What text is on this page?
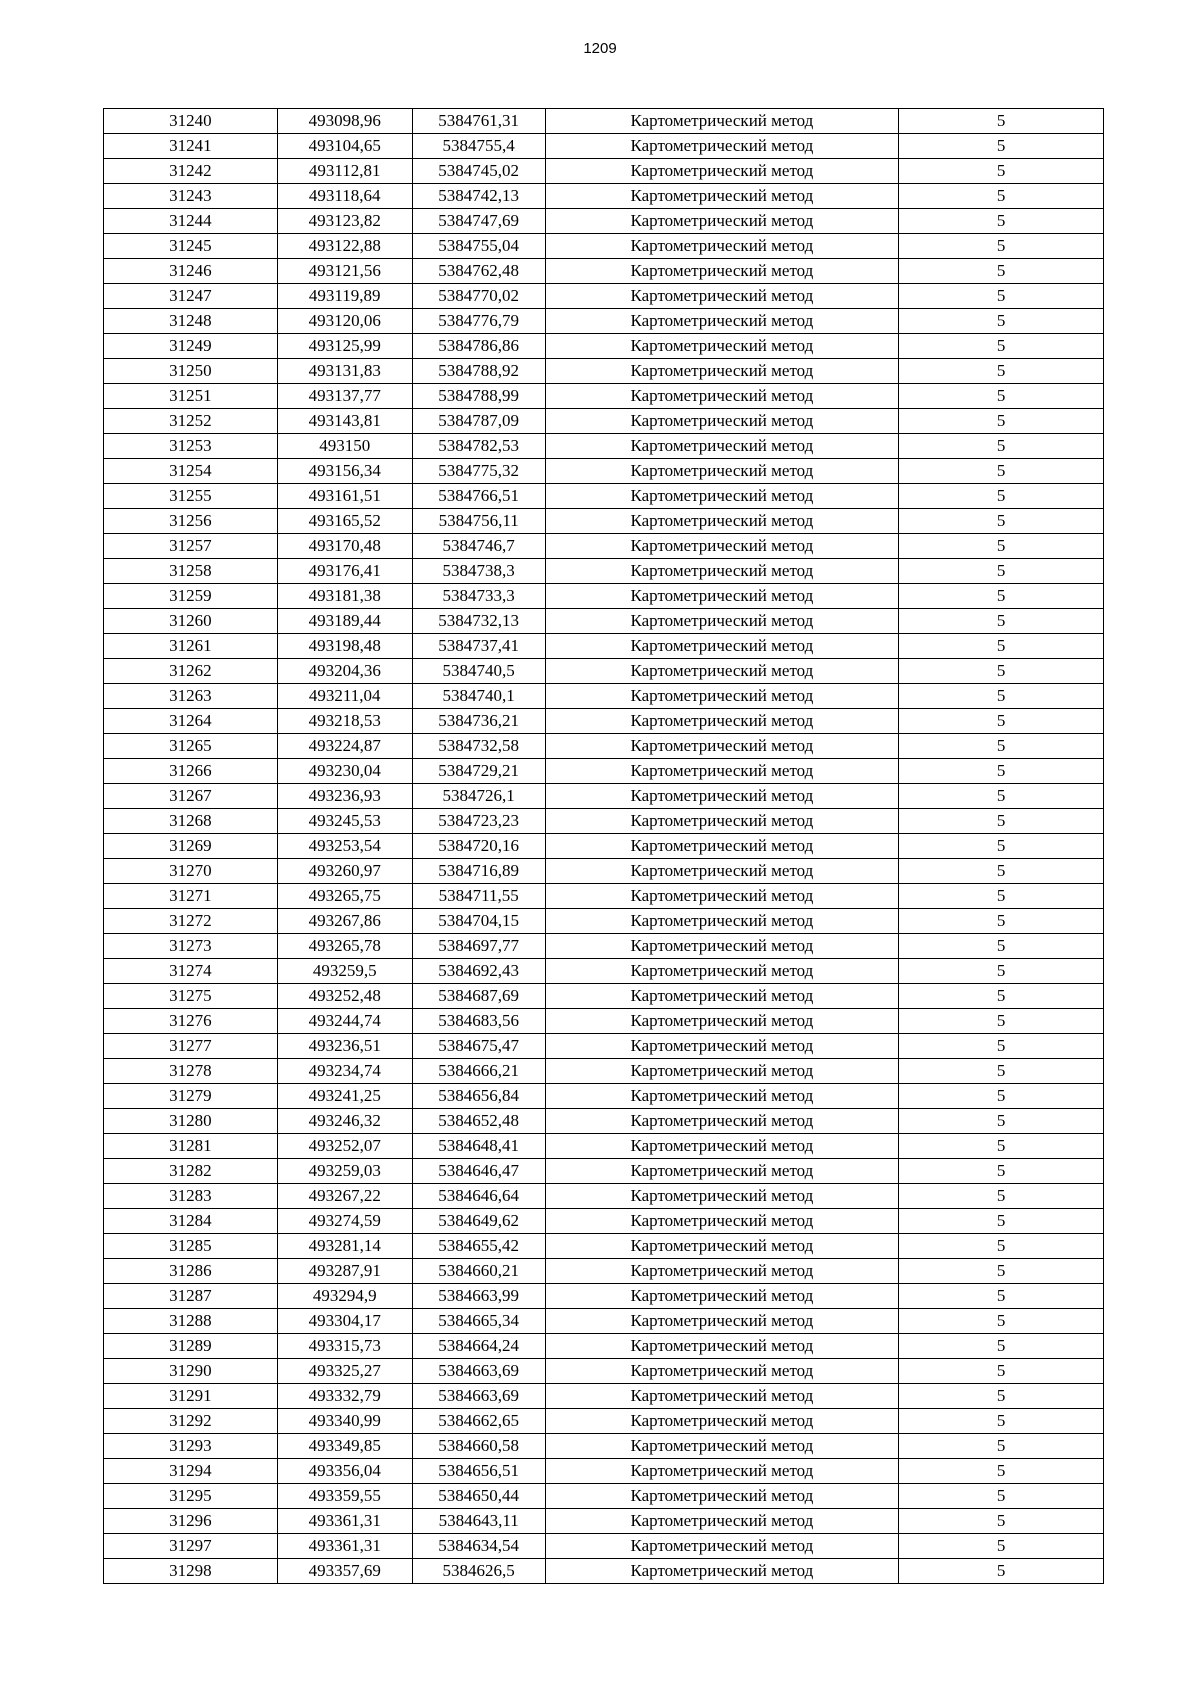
1209
31240	493098,96	5384761,31	Картометрический метод	5
31241	493104,65	5384755,4	Картометрический метод	5
31242	493112,81	5384745,02	Картометрический метод	5
31243	493118,64	5384742,13	Картометрический метод	5
31244	493123,82	5384747,69	Картометрический метод	5
31245	493122,88	5384755,04	Картометрический метод	5
31246	493121,56	5384762,48	Картометрический метод	5
31247	493119,89	5384770,02	Картометрический метод	5
31248	493120,06	5384776,79	Картометрический метод	5
31249	493125,99	5384786,86	Картометрический метод	5
31250	493131,83	5384788,92	Картометрический метод	5
31251	493137,77	5384788,99	Картометрический метод	5
31252	493143,81	5384787,09	Картометрический метод	5
31253	493150	5384782,53	Картометрический метод	5
31254	493156,34	5384775,32	Картометрический метод	5
31255	493161,51	5384766,51	Картометрический метод	5
31256	493165,52	5384756,11	Картометрический метод	5
31257	493170,48	5384746,7	Картометрический метод	5
31258	493176,41	5384738,3	Картометрический метод	5
31259	493181,38	5384733,3	Картометрический метод	5
31260	493189,44	5384732,13	Картометрический метод	5
31261	493198,48	5384737,41	Картометрический метод	5
31262	493204,36	5384740,5	Картометрический метод	5
31263	493211,04	5384740,1	Картометрический метод	5
31264	493218,53	5384736,21	Картометрический метод	5
31265	493224,87	5384732,58	Картометрический метод	5
31266	493230,04	5384729,21	Картометрический метод	5
31267	493236,93	5384726,1	Картометрический метод	5
31268	493245,53	5384723,23	Картометрический метод	5
31269	493253,54	5384720,16	Картометрический метод	5
31270	493260,97	5384716,89	Картометрический метод	5
31271	493265,75	5384711,55	Картометрический метод	5
31272	493267,86	5384704,15	Картометрический метод	5
31273	493265,78	5384697,77	Картометрический метод	5
31274	493259,5	5384692,43	Картометрический метод	5
31275	493252,48	5384687,69	Картометрический метод	5
31276	493244,74	5384683,56	Картометрический метод	5
31277	493236,51	5384675,47	Картометрический метод	5
31278	493234,74	5384666,21	Картометрический метод	5
31279	493241,25	5384656,84	Картометрический метод	5
31280	493246,32	5384652,48	Картометрический метод	5
31281	493252,07	5384648,41	Картометрический метод	5
31282	493259,03	5384646,47	Картометрический метод	5
31283	493267,22	5384646,64	Картометрический метод	5
31284	493274,59	5384649,62	Картометрический метод	5
31285	493281,14	5384655,42	Картометрический метод	5
31286	493287,91	5384660,21	Картометрический метод	5
31287	493294,9	5384663,99	Картометрический метод	5
31288	493304,17	5384665,34	Картометрический метод	5
31289	493315,73	5384664,24	Картометрический метод	5
31290	493325,27	5384663,69	Картометрический метод	5
31291	493332,79	5384663,69	Картометрический метод	5
31292	493340,99	5384662,65	Картометрический метод	5
31293	493349,85	5384660,58	Картометрический метод	5
31294	493356,04	5384656,51	Картометрический метод	5
31295	493359,55	5384650,44	Картометрический метод	5
31296	493361,31	5384643,11	Картометрический метод	5
31297	493361,31	5384634,54	Картометрический метод	5
31298	493357,69	5384626,5	Картометрический метод	5
